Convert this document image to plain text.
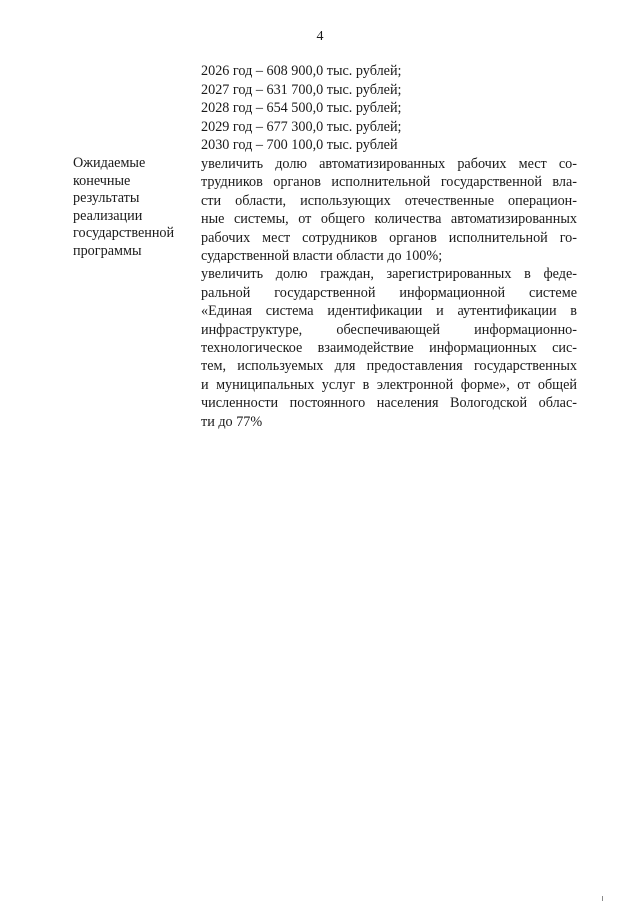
4
2026 год – 608 900,0 тыс. рублей;
2027 год – 631 700,0 тыс. рублей;
2028 год – 654 500,0 тыс. рублей;
2029 год – 677 300,0 тыс. рублей;
2030 год – 700 100,0 тыс. рублей
Ожидаемые
конечные
результаты
реализации
государственной
программы
увеличить долю автоматизированных рабочих мест со-
трудников органов исполнительной государственной вла-
сти области, использующих отечественные операцион-
ные системы, от общего количества автоматизированных
рабочих мест сотрудников органов исполнительной го-
сударственной власти области до 100%;
увеличить долю граждан, зарегистрированных в феде-
ральной государственной информационной системе
«Единая система идентификации и аутентификации в
инфраструктуре, обеспечивающей информационно-
технологическое взаимодействие информационных сис-
тем, используемых для предоставления государственных
и муниципальных услуг в электронной форме», от общей
численности постоянного населения Вологодской облас-
ти до 77%
